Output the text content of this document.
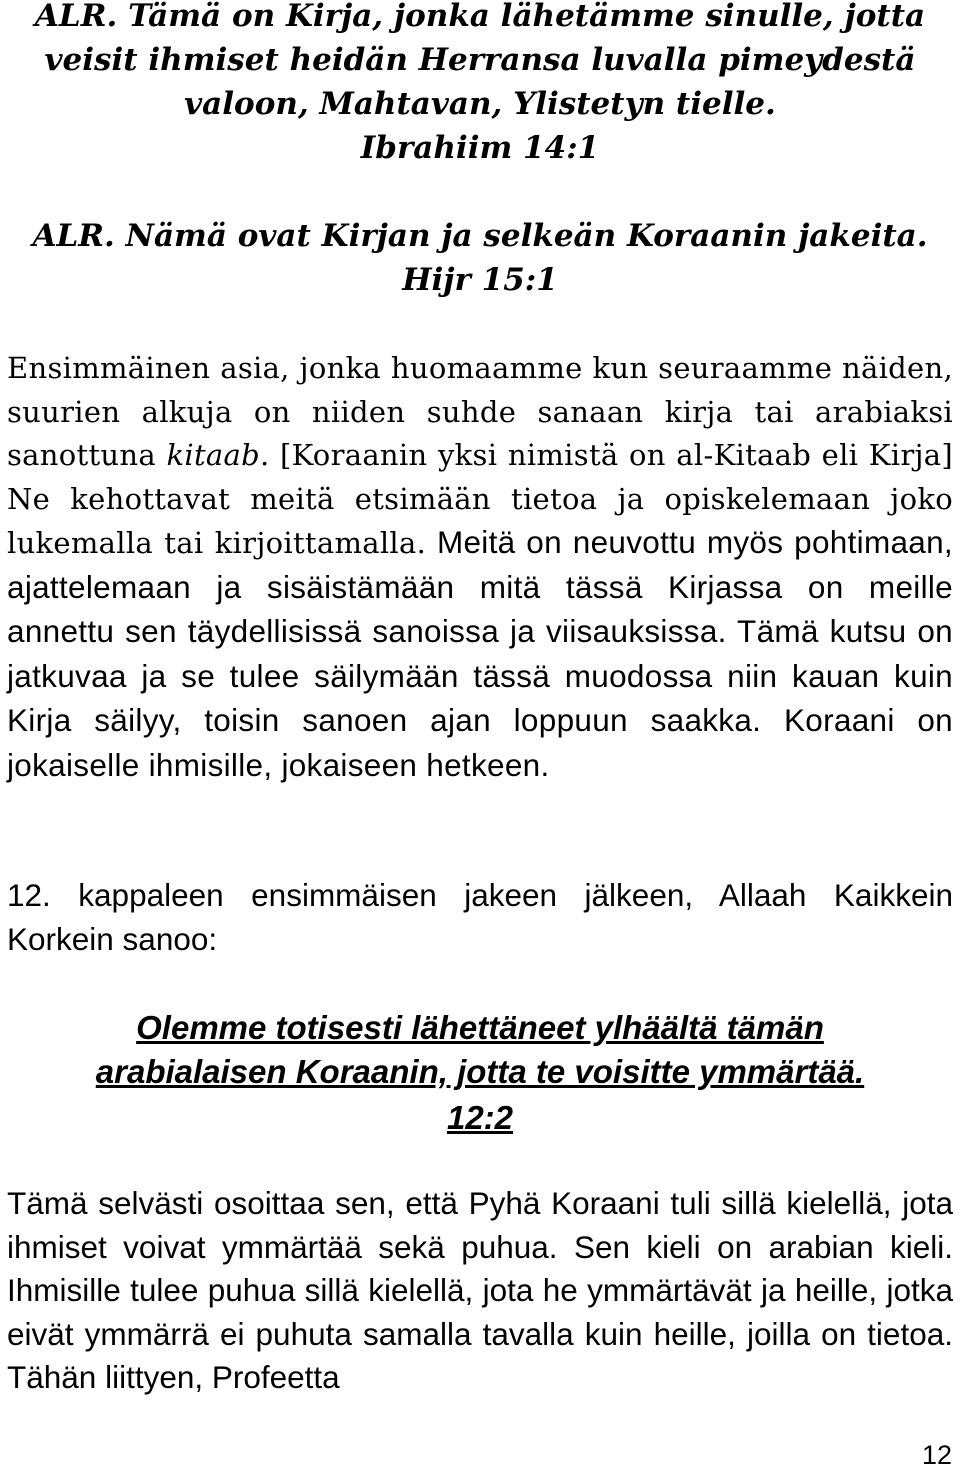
ALR. Tämä on Kirja, jonka lähetämme sinulle, jotta veisit ihmiset heidän Herransa luvalla pimeydestä valoon, Mahtavan, Ylistetyn tielle.

Ibrahiim 14:1

ALR. Nämä ovat Kirjan ja selkeän Koraanin jakeita.

Hijr 15:1

Ensimmäinen asia, jonka huomaamme kun seuraamme näiden, suurien alkuja on niiden suhde sanaan kirja tai arabiaksi sanottuna kitaab. [Koraanin yksi nimistä on al-Kitaab eli Kirja] Ne kehottavat meitä etsimään tietoa ja opiskelemaan joko lukemalla tai kirjoittamalla. Meitä on neuvottu myös pohtimaan, ajattelemaan ja sisäistämään mitä tässä Kirjassa on meille annettu sen täydellisissä sanoissa ja viisauksissa. Tämä kutsu on jatkuvaa ja se tulee säilymään tässä muodossa niin kauan kuin Kirja säilyy, toisin sanoen ajan loppuun saakka. Koraani on jokaiselle ihmisille, jokaiseen hetkeen.

12. kappaleen ensimmäisen jakeen jälkeen, Allaah Kaikkein Korkein sanoo:

Olemme totisesti lähettäneet ylhäältä tämän

arabialaisen Koraanin, jotta te voisitte ymmärtää.

12:2

Tämä selvästi osoittaa sen, että Pyhä Koraani tuli sillä kielellä, jota ihmiset voivat ymmärtää sekä puhua. Sen kieli on arabian kieli. Ihmisille tulee puhua sillä kielellä, jota he ymmärtävät ja heille, jotka eivät ymmärrä ei puhuta samalla tavalla kuin heille, joilla on tietoa. Tähän liittyen, Profeetta

12
